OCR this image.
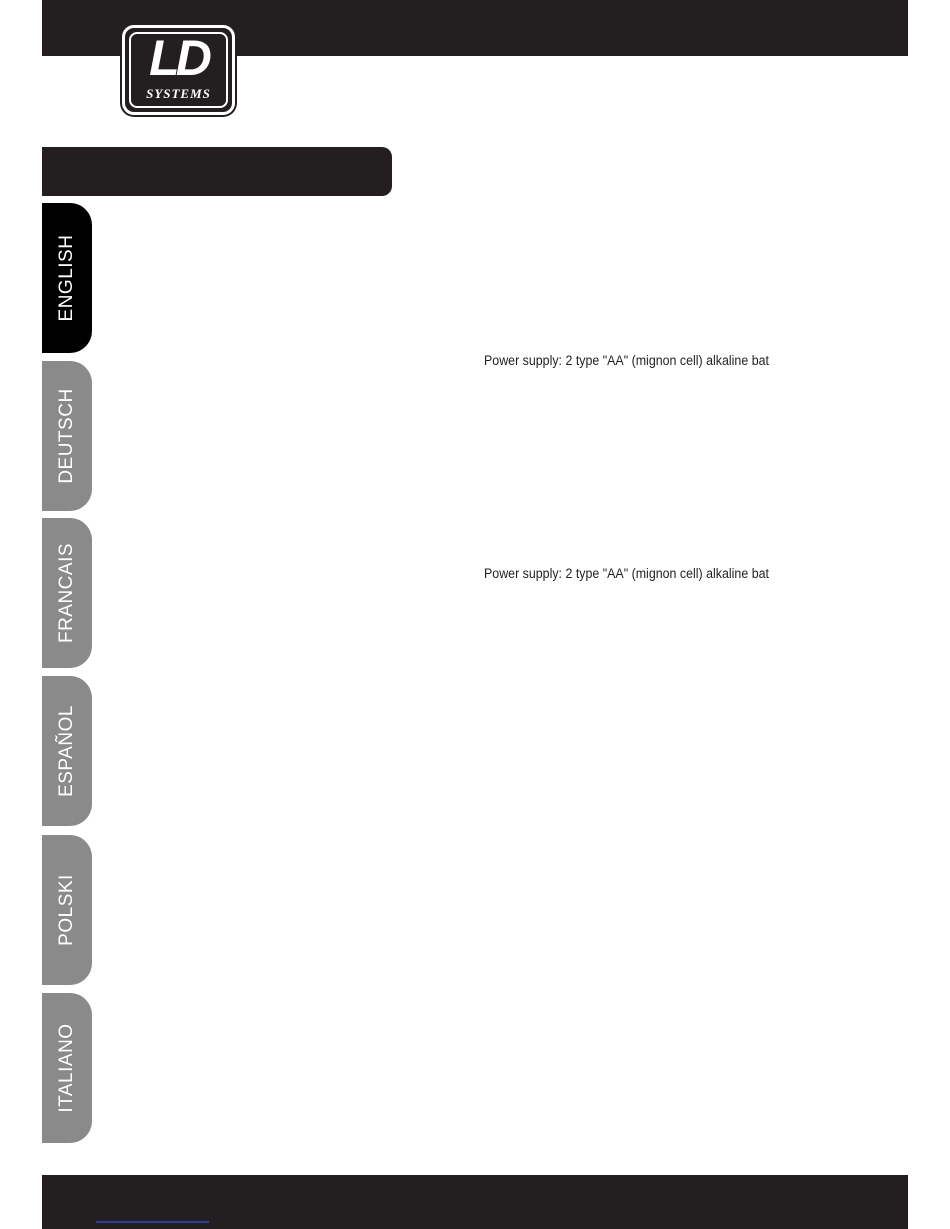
LD
SYSTEMS
ENGLISH
DEUTSCH
FRANCAIS
ESPAÑOL
POLSKI
ITALIANO
Power supply: 2 type "AA" (mignon cell) alkaline bat
Power supply: 2 type "AA" (mignon cell) alkaline bat
